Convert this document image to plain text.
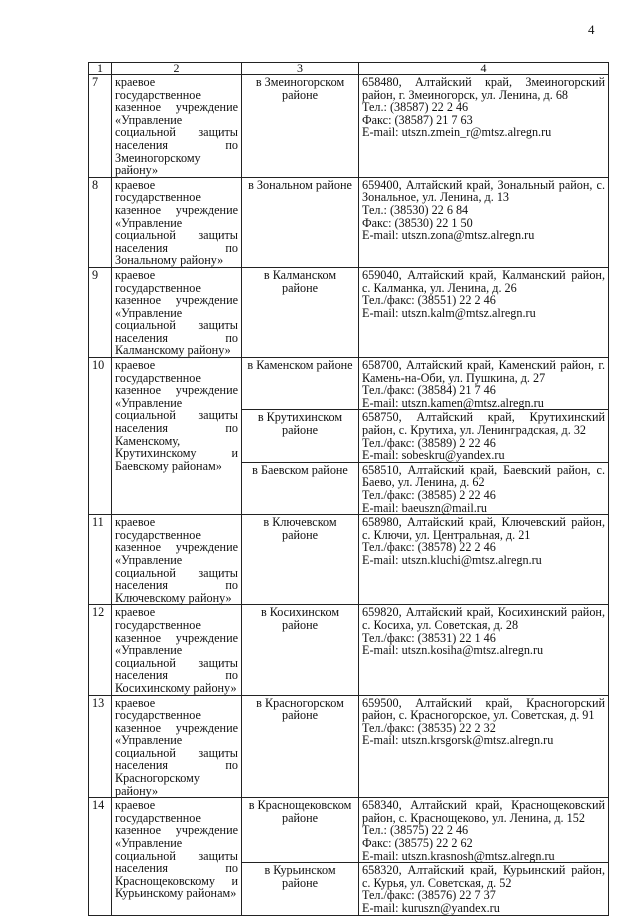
4
1	2	3	4
7	краевое государственное казенное учреждение «Управление социальной защиты населения по Змеиногорскому району»	в Змеиногорском районе	658480, Алтайский край, Змеиногорский район, г. Змеиногорск, ул. Ленина, д. 68
Тел.: (38587) 22 2 46
Факс: (38587) 21 7 63
E-mail: utszn.zmein_r@mtsz.alregn.ru

8	краевое государственное казенное учреждение «Управление социальной защиты населения по Зональному району»	в Зональном районе	659400, Алтайский край, Зональный район, с. Зональное, ул. Ленина, д. 13
Тел.: (38530) 22 6 84
Факс: (38530) 22 1 50
E-mail: utszn.zona@mtsz.alregn.ru

9	краевое государственное казенное учреждение «Управление социальной защиты населения по Калманскому району»	в Калманском районе	659040, Алтайский край, Калманский район, с. Калманка, ул. Ленина, д. 26
Тел./факс: (38551) 22 2 46
E-mail: utszn.kalm@mtsz.alregn.ru

10	краевое государственное казенное учреждение «Управление социальной защиты населения по Каменскому, Крутихинскому и Баевскому районам»	в Каменском районе	658700, Алтайский край, Каменский район, г. Камень-на-Оби, ул. Пушкина, д. 27
Тел./факс: (38584) 21 7 46
E-mail: utszn.kamen@mtsz.alregn.ru

		в Крутихинском районе	658750, Алтайский край, Крутихинский район, с. Крутиха, ул. Ленинградская, д. 32
Тел./факс: (38589) 2 22 46
E-mail: sobeskru@yandex.ru

		в Баевском районе	658510, Алтайский край, Баевский район, с. Баево, ул. Ленина, д. 62
Тел./факс: (38585) 2 22 46
E-mail: baeuszn@mail.ru

11	краевое государственное казенное учреждение «Управление социальной защиты населения по Ключевскому району»	в Ключевском районе	658980, Алтайский край, Ключевский район, с. Ключи, ул. Центральная, д. 21
Тел./факс: (38578) 22 2 46
E-mail: utszn.kluchi@mtsz.alregn.ru

12	краевое государственное казенное учреждение «Управление социальной защиты населения по Косихинскому району»	в Косихинском районе	659820, Алтайский край, Косихинский район, с. Косиха, ул. Советская, д. 28
Тел./факс: (38531) 22 1 46
E-mail: utszn.kosiha@mtsz.alregn.ru

13	краевое государственное казенное учреждение «Управление социальной защиты населения по Красногорскому району»	в Красногорском районе	659500, Алтайский край, Красногорский район, с. Красногорское, ул. Советская, д. 91
Тел./факс: (38535) 22 2 32
E-mail: utszn.krsgorsk@mtsz.alregn.ru

14	краевое государственное казенное учреждение «Управление социальной защиты населения по Краснощековскому и Курьинскому районам»	в Краснощековском районе	658340, Алтайский край, Краснощековский район, с. Краснощеково, ул. Ленина, д. 152
Тел.: (38575) 22 2 46
Факс: (38575) 22 2 62
E-mail: utszn.krasnosh@mtsz.alregn.ru

		в Курьинском районе	658320, Алтайский край, Курьинский район, с. Курья, ул. Советская, д. 52
Тел./факс: (38576) 22 7 37
E-mail: kuruszn@yandex.ru
